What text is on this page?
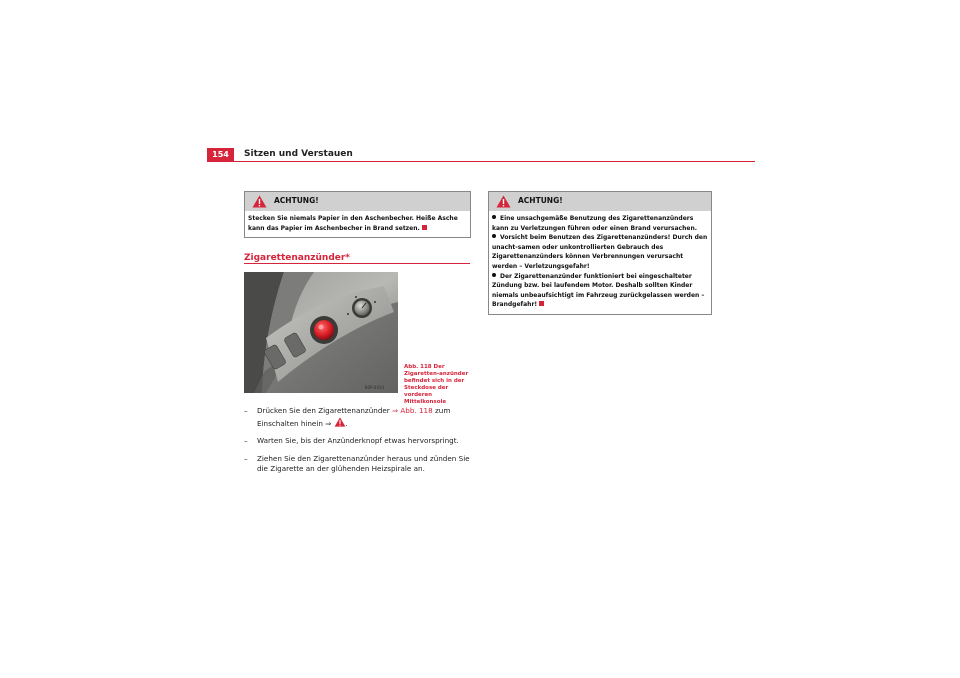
154	Sitzen und Verstauen
ACHTUNG!
Stecken Sie niemals Papier in den Aschenbecher. Heiße Asche kann das Papier im Aschenbecher in Brand setzen.
Zigarettenanzünder*
B0P-0434
Abb. 118 Der Zigaretten-anzünder befindet sich in der Steckdose der vorderen Mittelkonsole
– Drücken Sie den Zigarettenanzünder ⇒ Abb. 118 zum Einschalten hinein ⇒ .
– Warten Sie, bis der Anzünderknopf etwas hervorspringt.
– Ziehen Sie den Zigarettenanzünder heraus und zünden Sie die Zigarette an der glühenden Heizspirale an.
ACHTUNG!
Eine unsachgemäße Benutzung des Zigarettenanzünders kann zu Verletzungen führen oder einen Brand verursachen.
Vorsicht beim Benutzen des Zigarettenanzünders! Durch den unacht-samen oder unkontrollierten Gebrauch des Zigarettenanzünders können Verbrennungen verursacht werden – Verletzungsgefahr!
Der Zigarettenanzünder funktioniert bei eingeschalteter Zündung bzw. bei laufendem Motor. Deshalb sollten Kinder niemals unbeaufsichtigt im Fahrzeug zurückgelassen werden – Brandgefahr!
